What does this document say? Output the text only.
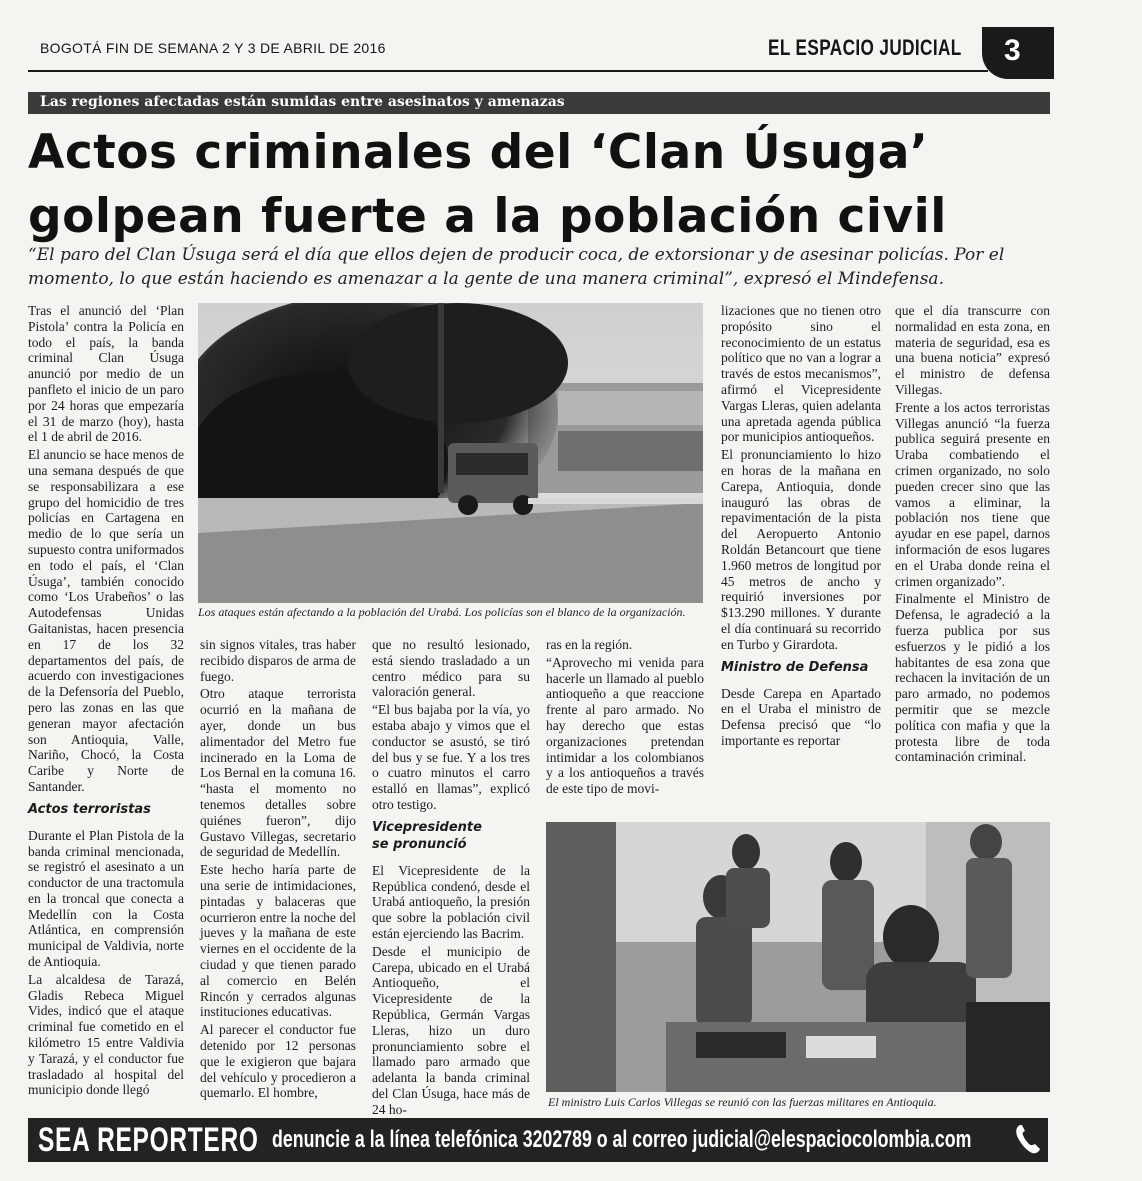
BOGOTÁ FIN DE SEMANA 2 Y 3 DE ABRIL DE 2016	EL ESPACIO JUDICIAL 3
Las regiones afectadas están sumidas entre asesinatos y amenazas
Actos criminales del ‘Clan Úsuga’
golpean fuerte a la población civil
“El paro del Clan Úsuga será el día que ellos dejen de producir coca, de extorsionar y de asesinar policías. Por el momento, lo que están haciendo es amenazar a la gente de una manera criminal”, expresó el Mindefensa.
Los ataques están afectando a la población del Urabá. Los policías son el blanco de la organización.

Tras el anunció del ‘Plan Pistola’ contra la Policía en todo el país, la banda criminal Clan Úsuga anunció por medio de un panfleto el inicio de un paro por 24 horas que empezaría el 31 de marzo (hoy), hasta el 1 de abril de 2016.

El anuncio se hace menos de una semana después de que se responsabilizara a ese grupo del homicidio de tres policías en Cartagena en medio de lo que sería un supuesto contra uniformados en todo el país, el ‘Clan Úsuga’, también conocido como ‘Los Urabeños’ o las Autodefensas Unidas Gaitanistas, hacen presencia en 17 de los 32 departamentos del país, de acuerdo con investigaciones de la Defensoría del Pueblo, pero las zonas en las que generan mayor afectación son Antioquia, Valle, Nariño, Chocó, la Costa Caribe y Norte de Santander.

Actos terroristas

Durante el Plan Pistola de la banda criminal mencionada, se registró el asesinato a un conductor de una tractomula en la troncal que conecta a Medellín con la Costa Atlántica, en comprensión municipal de Valdivia, norte de Antioquia.

La alcaldesa de Tarazá, Gladis Rebeca Miguel Vides, indicó que el ataque criminal fue cometido en el kilómetro 15 entre Valdivia y Tarazá, y el conductor fue trasladado al hospital del municipio donde llegó

sin signos vitales, tras haber recibido disparos de arma de fuego.

Otro ataque terrorista ocurrió en la mañana de ayer, donde un bus alimentador del Metro fue incinerado en la Loma de Los Bernal en la comuna 16. “hasta el momento no tenemos detalles sobre quiénes fueron”, dijo Gustavo Villegas, secretario de seguridad de Medellín.

Este hecho haría parte de una serie de intimidaciones, pintadas y balaceras que ocurrieron entre la noche del jueves y la mañana de este viernes en el occidente de la ciudad y que tienen parado al comercio en Belén Rincón y cerrados algunas instituciones educativas.

Al parecer el conductor fue detenido por 12 personas que le exigieron que bajara del vehículo y procedieron a quemarlo. El hombre,

que no resultó lesionado, está siendo trasladado a un centro médico para su valoración general.

“El bus bajaba por la vía, yo estaba abajo y vimos que el conductor se asustó, se tiró del bus y se fue. Y a los tres o cuatro minutos el carro estalló en llamas”, explicó otro testigo.

Vicepresidente se pronunció

El Vicepresidente de la República condenó, desde el Urabá antioqueño, la presión que sobre la población civil están ejerciendo las Bacrim.

Desde el municipio de Carepa, ubicado en el Urabá Antioqueño, el Vicepresidente de la República, Germán Vargas Lleras, hizo un duro pronunciamiento sobre el llamado paro armado que adelanta la banda criminal del Clan Úsuga, hace más de 24 ho-

ras en la región.

“Aprovecho mi venida para hacerle un llamado al pueblo antioqueño a que reaccione frente al paro armado. No hay derecho que estas organizaciones pretendan intimidar a los colombianos y a los antioqueños a través de este tipo de movi-

lizaciones que no tienen otro propósito sino el reconocimiento de un estatus político que no van a lograr a través de estos mecanismos”, afirmó el Vicepresidente Vargas Lleras, quien adelanta una apretada agenda pública por municipios antioqueños.

El pronunciamiento lo hizo en horas de la mañana en Carepa, Antioquia, donde inauguró las obras de repavimentación de la pista del Aeropuerto Antonio Roldán Betancourt que tiene 1.960 metros de longitud por 45 metros de ancho y requirió inversiones por $13.290 millones. Y durante el día continuará su recorrido en Turbo y Girardota.

Ministro de Defensa

Desde Carepa en Apartado en el Uraba el ministro de Defensa precisó que “lo importante es reportar

que el día transcurre con normalidad en esta zona, en materia de seguridad, esa es una buena noticia” expresó el ministro de defensa Villegas.

Frente a los actos terroristas Villegas anunció “la fuerza publica seguirá presente en Uraba combatiendo el crimen organizado, no solo pueden crecer sino que las vamos a eliminar, la población nos tiene que ayudar en ese papel, darnos información de esos lugares en el Uraba donde reina el crimen organizado”.

Finalmente el Ministro de Defensa, le agradeció a la fuerza publica por sus esfuerzos y le pidió a los habitantes de esa zona que rechacen la invitación de un paro armado, no podemos permitir que se mezcle política con mafia y que la protesta libre de toda contaminación criminal.

El ministro Luis Carlos Villegas se reunió con las fuerzas militares en Antioquia.
SEA REPORTERO denuncie a la línea telefónica 3202789 o al correo judicial@elespaciocolombia.com
